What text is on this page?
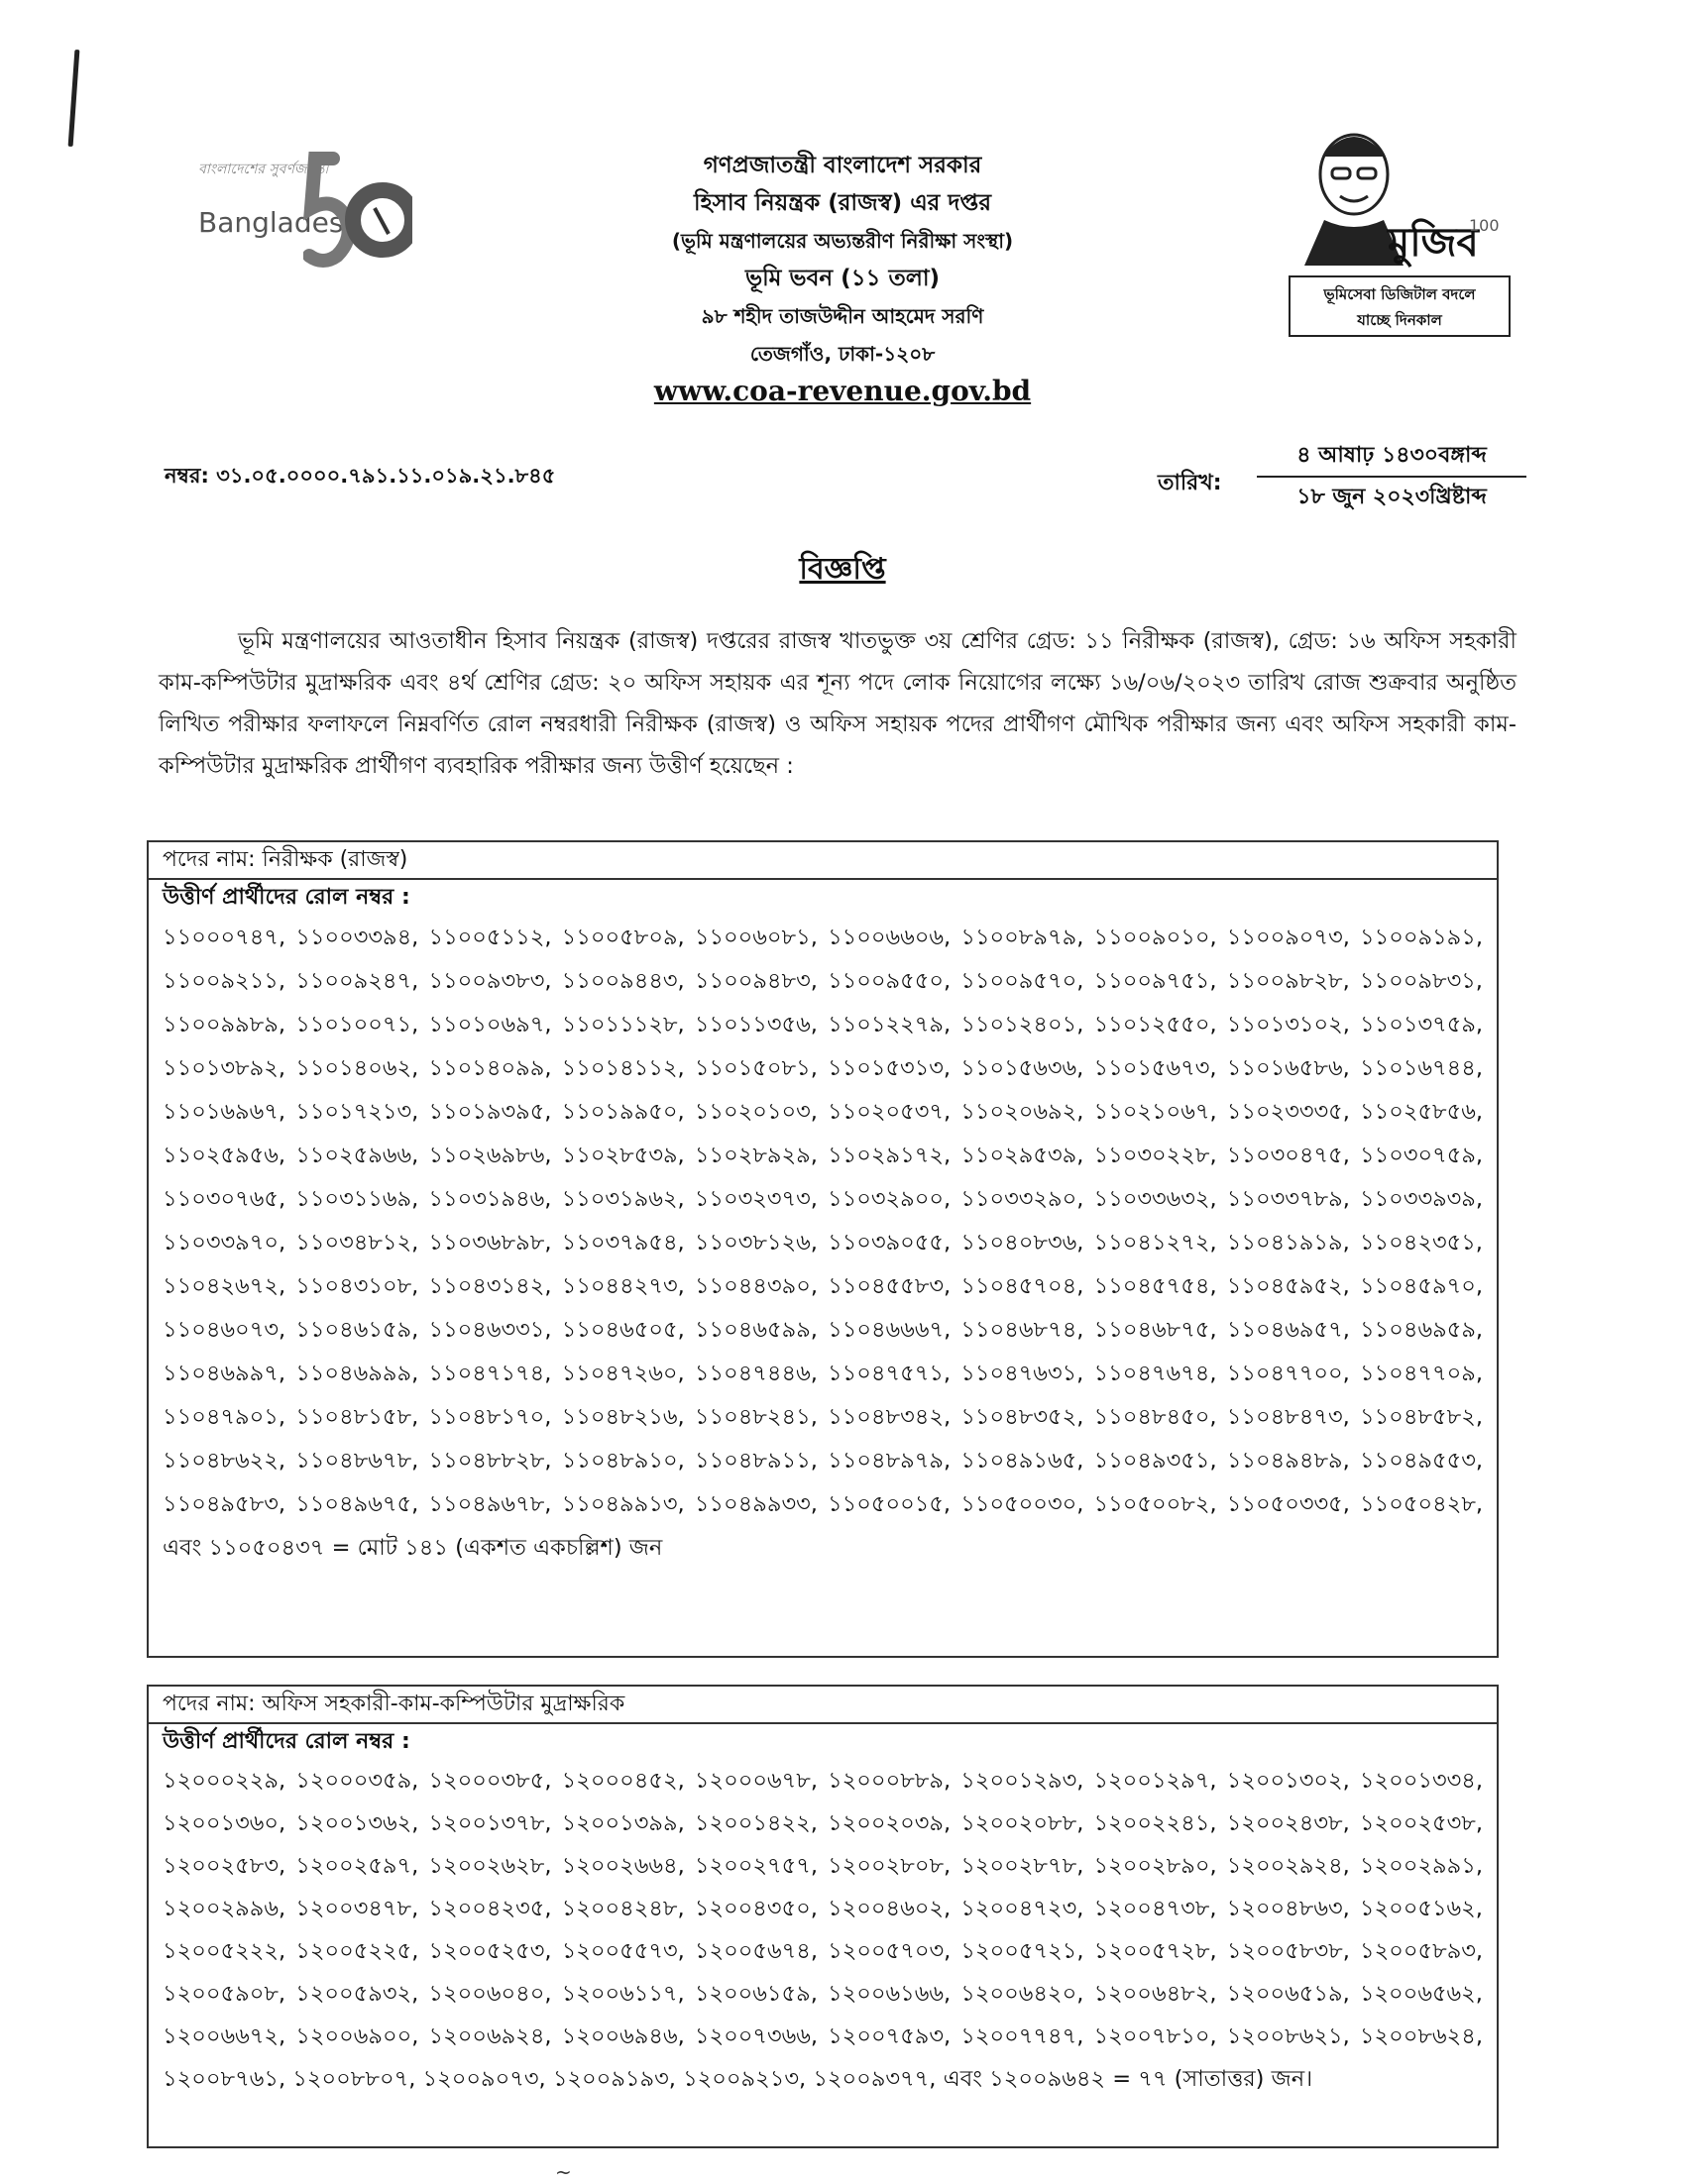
বাংলাদেশের সুবর্ণজয়ন্তী
Bangladesh
গণপ্রজাতন্ত্রী বাংলাদেশ সরকার
হিসাব নিয়ন্ত্রক (রাজস্ব) এর দপ্তর
(ভূমি মন্ত্রণালয়ের অভ্যন্তরীণ নিরীক্ষা সংস্থা)
ভূমি ভবন (১১ তলা)
৯৮ শহীদ তাজউদ্দীন আহমেদ সরণি
তেজগাঁও, ঢাকা-১২০৮
www.coa-revenue.gov.bd
মুজিব
100
ভূমিসেবা ডিজিটাল বদলে
যাচ্ছে দিনকাল
নম্বর: ৩১.০৫.০০০০.৭৯১.১১.০১৯.২১.৮৪৫	তারিখ:
৪ আষাঢ় ১৪৩০বঙ্গাব্দ
১৮ জুন ২০২৩খ্রিষ্টাব্দ
বিজ্ঞপ্তি
ভূমি মন্ত্রণালয়ের আওতাধীন হিসাব নিয়ন্ত্রক (রাজস্ব) দপ্তরের রাজস্ব খাতভুক্ত ৩য় শ্রেণির গ্রেড: ১১ নিরীক্ষক (রাজস্ব), গ্রেড: ১৬ অফিস সহকারী কাম-কম্পিউটার মুদ্রাক্ষরিক এবং ৪র্থ শ্রেণির গ্রেড: ২০ অফিস সহায়ক এর শূন্য পদে লোক নিয়োগের লক্ষ্যে ১৬/০৬/২০২৩ তারিখ রোজ শুক্রবার অনুষ্ঠিত লিখিত পরীক্ষার ফলাফলে নিম্নবর্ণিত রোল নম্বরধারী নিরীক্ষক (রাজস্ব) ও অফিস সহায়ক পদের প্রার্থীগণ মৌখিক পরীক্ষার জন্য এবং অফিস সহকারী কাম-কম্পিউটার মুদ্রাক্ষরিক প্রার্থীগণ ব্যবহারিক পরীক্ষার জন্য উত্তীর্ণ হয়েছেন :
পদের নাম: নিরীক্ষক (রাজস্ব)
উত্তীর্ণ প্রার্থীদের রোল নম্বর :
১১০০০৭৪৭, ১১০০৩৩৯৪, ১১০০৫১১২, ১১০০৫৮০৯, ১১০০৬০৮১, ১১০০৬৬০৬, ১১০০৮৯৭৯, ১১০০৯০১০, ১১০০৯০৭৩, ১১০০৯১৯১, ১১০০৯২১১, ১১০০৯২৪৭, ১১০০৯৩৮৩, ১১০০৯৪৪৩, ১১০০৯৪৮৩, ১১০০৯৫৫০, ১১০০৯৫৭০, ১১০০৯৭৫১, ১১০০৯৮২৮, ১১০০৯৮৩১, ১১০০৯৯৮৯, ১১০১০০৭১, ১১০১০৬৯৭, ১১০১১১২৮, ১১০১১৩৫৬, ১১০১২২৭৯, ১১০১২৪০১, ১১০১২৫৫০, ১১০১৩১০২, ১১০১৩৭৫৯, ১১০১৩৮৯২, ১১০১৪০৬২, ১১০১৪০৯৯, ১১০১৪১১২, ১১০১৫০৮১, ১১০১৫৩১৩, ১১০১৫৬৩৬, ১১০১৫৬৭৩, ১১০১৬৫৮৬, ১১০১৬৭৪৪, ১১০১৬৯৬৭, ১১০১৭২১৩, ১১০১৯৩৯৫, ১১০১৯৯৫০, ১১০২০১০৩, ১১০২০৫৩৭, ১১০২০৬৯২, ১১০২১০৬৭, ১১০২৩৩৩৫, ১১০২৫৮৫৬, ১১০২৫৯৫৬, ১১০২৫৯৬৬, ১১০২৬৯৮৬, ১১০২৮৫৩৯, ১১০২৮৯২৯, ১১০২৯১৭২, ১১০২৯৫৩৯, ১১০৩০২২৮, ১১০৩০৪৭৫, ১১০৩০৭৫৯, ১১০৩০৭৬৫, ১১০৩১১৬৯, ১১০৩১৯৪৬, ১১০৩১৯৬২, ১১০৩২৩৭৩, ১১০৩২৯০০, ১১০৩৩২৯০, ১১০৩৩৬৩২, ১১০৩৩৭৮৯, ১১০৩৩৯৩৯, ১১০৩৩৯৭০, ১১০৩৪৮১২, ১১০৩৬৮৯৮, ১১০৩৭৯৫৪, ১১০৩৮১২৬, ১১০৩৯০৫৫, ১১০৪০৮৩৬, ১১০৪১২৭২, ১১০৪১৯১৯, ১১০৪২৩৫১, ১১০৪২৬৭২, ১১০৪৩১০৮, ১১০৪৩১৪২, ১১০৪৪২৭৩, ১১০৪৪৩৯০, ১১০৪৫৫৮৩, ১১০৪৫৭০৪, ১১০৪৫৭৫৪, ১১০৪৫৯৫২, ১১০৪৫৯৭০, ১১০৪৬০৭৩, ১১০৪৬১৫৯, ১১০৪৬৩৩১, ১১০৪৬৫০৫, ১১০৪৬৫৯৯, ১১০৪৬৬৬৭, ১১০৪৬৮৭৪, ১১০৪৬৮৭৫, ১১০৪৬৯৫৭, ১১০৪৬৯৫৯, ১১০৪৬৯৯৭, ১১০৪৬৯৯৯, ১১০৪৭১৭৪, ১১০৪৭২৬০, ১১০৪৭৪৪৬, ১১০৪৭৫৭১, ১১০৪৭৬৩১, ১১০৪৭৬৭৪, ১১০৪৭৭০০, ১১০৪৭৭০৯, ১১০৪৭৯০১, ১১০৪৮১৫৮, ১১০৪৮১৭০, ১১০৪৮২১৬, ১১০৪৮২৪১, ১১০৪৮৩৪২, ১১০৪৮৩৫২, ১১০৪৮৪৫০, ১১০৪৮৪৭৩, ১১০৪৮৫৮২, ১১০৪৮৬২২, ১১০৪৮৬৭৮, ১১০৪৮৮২৮, ১১০৪৮৯১০, ১১০৪৮৯১১, ১১০৪৮৯৭৯, ১১০৪৯১৬৫, ১১০৪৯৩৫১, ১১০৪৯৪৮৯, ১১০৪৯৫৫৩, ১১০৪৯৫৮৩, ১১০৪৯৬৭৫, ১১০৪৯৬৭৮, ১১০৪৯৯১৩, ১১০৪৯৯৩৩, ১১০৫০০১৫, ১১০৫০০৩০, ১১০৫০০৮২, ১১০৫০৩৩৫, ১১০৫০৪২৮, এবং ১১০৫০৪৩৭ = মোট ১৪১ (একশত একচল্লিশ) জন
পদের নাম: অফিস সহকারী-কাম-কম্পিউটার মুদ্রাক্ষরিক
উত্তীর্ণ প্রার্থীদের রোল নম্বর :
১২০০০২২৯, ১২০০০৩৫৯, ১২০০০৩৮৫, ১২০০০৪৫২, ১২০০০৬৭৮, ১২০০০৮৮৯, ১২০০১২৯৩, ১২০০১২৯৭, ১২০০১৩০২, ১২০০১৩৩৪, ১২০০১৩৬০, ১২০০১৩৬২, ১২০০১৩৭৮, ১২০০১৩৯৯, ১২০০১৪২২, ১২০০২০৩৯, ১২০০২০৮৮, ১২০০২২৪১, ১২০০২৪৩৮, ১২০০২৫৩৮, ১২০০২৫৮৩, ১২০০২৫৯৭, ১২০০২৬২৮, ১২০০২৬৬৪, ১২০০২৭৫৭, ১২০০২৮০৮, ১২০০২৮৭৮, ১২০০২৮৯০, ১২০০২৯২৪, ১২০০২৯৯১, ১২০০২৯৯৬, ১২০০৩৪৭৮, ১২০০৪২৩৫, ১২০০৪২৪৮, ১২০০৪৩৫০, ১২০০৪৬০২, ১২০০৪৭২৩, ১২০০৪৭৩৮, ১২০০৪৮৬৩, ১২০০৫১৬২, ১২০০৫২২২, ১২০০৫২২৫, ১২০০৫২৫৩, ১২০০৫৫৭৩, ১২০০৫৬৭৪, ১২০০৫৭০৩, ১২০০৫৭২১, ১২০০৫৭২৮, ১২০০৫৮৩৮, ১২০০৫৮৯৩, ১২০০৫৯০৮, ১২০০৫৯৩২, ১২০০৬০৪০, ১২০০৬১১৭, ১২০০৬১৫৯, ১২০০৬১৬৬, ১২০০৬৪২০, ১২০০৬৪৮২, ১২০০৬৫১৯, ১২০০৬৫৬২, ১২০০৬৬৭২, ১২০০৬৯০০, ১২০০৬৯২৪, ১২০০৬৯৪৬, ১২০০৭৩৬৬, ১২০০৭৫৯৩, ১২০০৭৭৪৭, ১২০০৭৮১০, ১২০০৮৬২১, ১২০০৮৬২৪, ১২০০৮৭৬১, ১২০০৮৮০৭, ১২০০৯০৭৩, ১২০০৯১৯৩, ১২০০৯২১৩, ১২০০৯৩৭৭, এবং ১২০০৯৬৪২ = ৭৭ (সাতাত্তর) জন।
~
